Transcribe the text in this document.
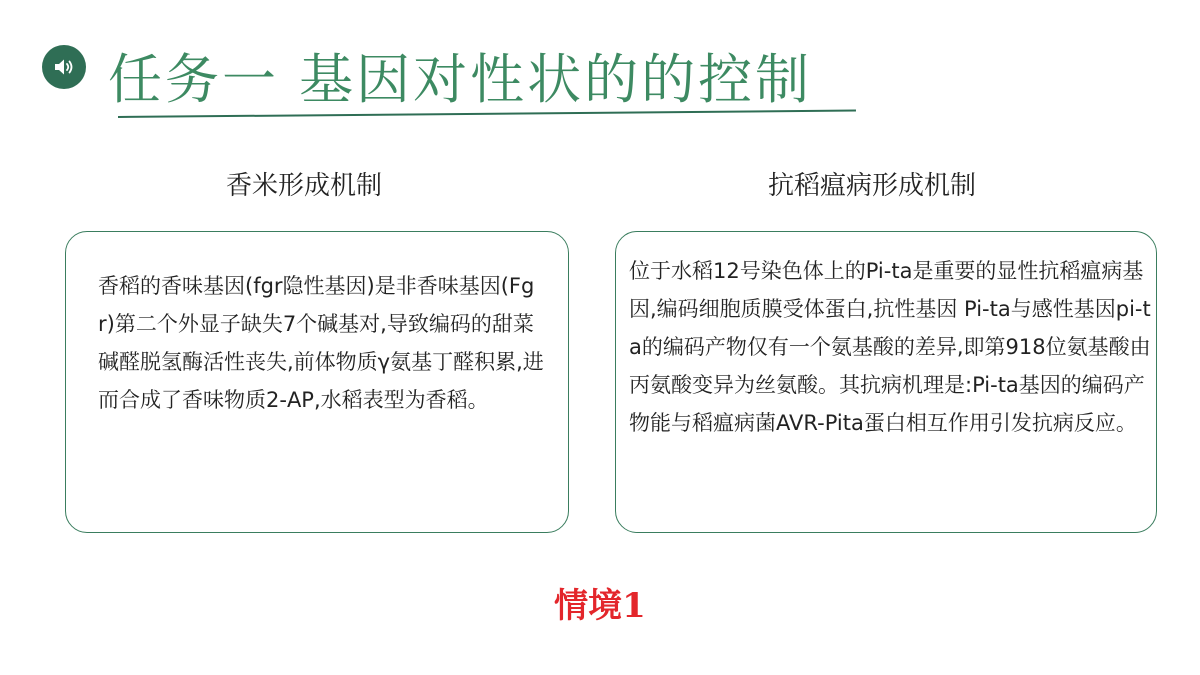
任务一 基因对性状的的控制
香米形成机制	抗稻瘟病形成机制

香稻的香味基因(fgr隐性基因)是非香味基因(Fgr)第二个外显子缺失7个碱基对,导致编码的甜菜碱醛脱氢酶活性丧失,前体物质γ氨基丁醛积累,进而合成了香味物质2-AP,水稻表型为香稻。

位于水稻12号染色体上的Pi-ta是重要的显性抗稻瘟病基因,编码细胞质膜受体蛋白,抗性基因 Pi-ta与感性基因pi-ta的编码产物仅有一个氨基酸的差异,即第918位氨基酸由丙氨酸变异为丝氨酸。其抗病机理是:Pi-ta基因的编码产物能与稻瘟病菌AVR-Pita蛋白相互作用引发抗病反应。

情境1
